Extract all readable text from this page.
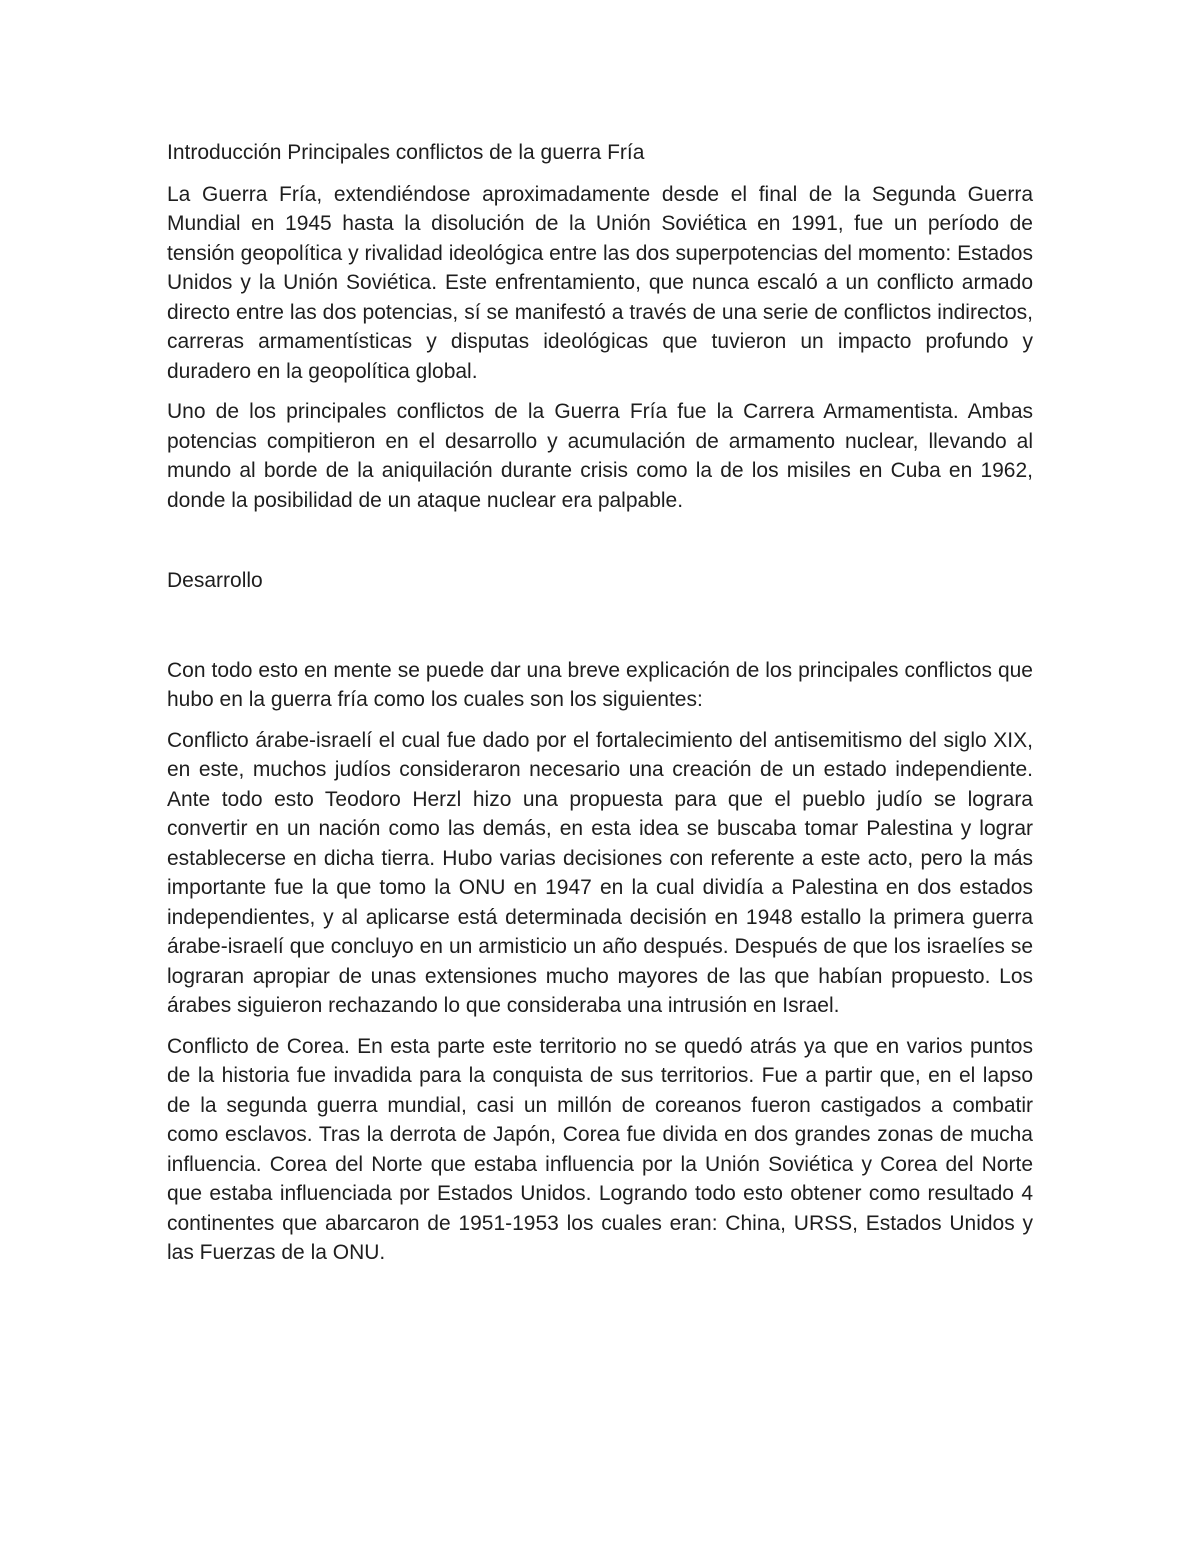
Introducción Principales conflictos de la guerra Fría

La Guerra Fría, extendiéndose aproximadamente desde el final de la Segunda Guerra Mundial en 1945 hasta la disolución de la Unión Soviética en 1991, fue un período de tensión geopolítica y rivalidad ideológica entre las dos superpotencias del momento: Estados Unidos y la Unión Soviética. Este enfrentamiento, que nunca escaló a un conflicto armado directo entre las dos potencias, sí se manifestó a través de una serie de conflictos indirectos, carreras armamentísticas y disputas ideológicas que tuvieron un impacto profundo y duradero en la geopolítica global.

Uno de los principales conflictos de la Guerra Fría fue la Carrera Armamentista. Ambas potencias compitieron en el desarrollo y acumulación de armamento nuclear, llevando al mundo al borde de la aniquilación durante crisis como la de los misiles en Cuba en 1962, donde la posibilidad de un ataque nuclear era palpable.

Desarrollo

Con todo esto en mente se puede dar una breve explicación de los principales conflictos que hubo en la guerra fría como los cuales son los siguientes:

Conflicto árabe-israelí el cual fue dado por el fortalecimiento del antisemitismo del siglo XIX, en este, muchos judíos consideraron necesario una creación de un estado independiente. Ante todo esto Teodoro Herzl hizo una propuesta para que el pueblo judío se lograra convertir en un nación como las demás, en esta idea se buscaba tomar Palestina y lograr establecerse en dicha tierra. Hubo varias decisiones con referente a este acto, pero la más importante fue la que tomo la ONU en 1947 en la cual dividía a Palestina en dos estados independientes, y al aplicarse está determinada decisión en 1948 estallo la primera guerra árabe-israelí que concluyo en un armisticio un año después. Después de que los israelíes se lograran apropiar de unas extensiones mucho mayores de las que habían propuesto. Los árabes siguieron rechazando lo que consideraba una intrusión en Israel.

Conflicto de Corea. En esta parte este territorio no se quedó atrás ya que en varios puntos de la historia fue invadida para la conquista de sus territorios. Fue a partir que, en el lapso de la segunda guerra mundial, casi un millón de coreanos fueron castigados a combatir como esclavos. Tras la derrota de Japón, Corea fue divida en dos grandes zonas de mucha influencia. Corea del Norte que estaba influencia por la Unión Soviética y Corea del Norte que estaba influenciada por Estados Unidos. Logrando todo esto obtener como resultado 4 continentes que abarcaron de 1951-1953 los cuales eran: China, URSS, Estados Unidos y las Fuerzas de la ONU.
